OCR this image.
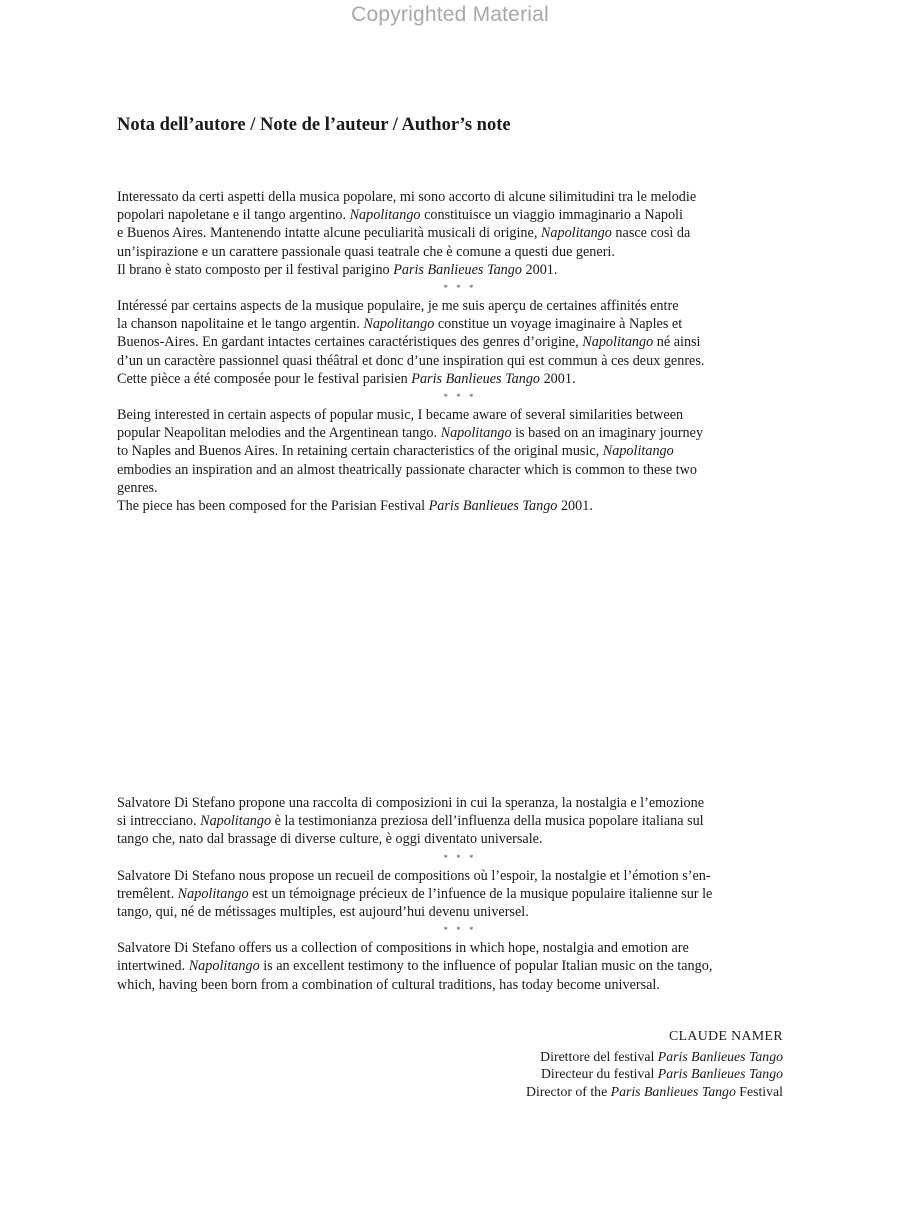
Copyrighted Material
Nota dell’autore / Note de l’auteur / Author’s note

Interessato da certi aspetti della musica popolare, mi sono accorto di alcune silimitudini tra le melodie
popolari napoletane e il tango argentino. Napolitango constituisce un viaggio immaginario a Napoli
e Buenos Aires. Mantenendo intatte alcune peculiarità musicali di origine, Napolitango nasce così da
un’ispirazione e un carattere passionale quasi teatrale che è comune a questi due generi.
Il brano è stato composto per il festival parigino Paris Banlieues Tango 2001.

* * *

Intéressé par certains aspects de la musique populaire, je me suis aperçu de certaines affinités entre
la chanson napolitaine et le tango argentin. Napolitango constitue un voyage imaginaire à Naples et
Buenos-Aires. En gardant intactes certaines caractéristiques des genres d’origine, Napolitango né ainsi
d’un un caractère passionnel quasi théâtral et donc d’une inspiration qui est commun à ces deux genres.
Cette pièce a été composée pour le festival parisien Paris Banlieues Tango 2001.

* * *

Being interested in certain aspects of popular music, I became aware of several similarities between
popular Neapolitan melodies and the Argentinean tango. Napolitango is based on an imaginary journey
to Naples and Buenos Aires. In retaining certain characteristics of the original music, Napolitango
embodies an inspiration and an almost theatrically passionate character which is common to these two
genres.
The piece has been composed for the Parisian Festival Paris Banlieues Tango 2001.

Salvatore Di Stefano propone una raccolta di composizioni in cui la speranza, la nostalgia e l’emozione
si intrecciano. Napolitango è la testimonianza preziosa dell’influenza della musica popolare italiana sul
tango che, nato dal brassage di diverse culture, è oggi diventato universale.

* * *

Salvatore Di Stefano nous propose un recueil de compositions où l’espoir, la nostalgie et l’émotion s’en-
tremêlent. Napolitango est un témoignage précieux de l’infuence de la musique populaire italienne sur le
tango, qui, né de métissages multiples, est aujourd’hui devenu universel.

* * *

Salvatore Di Stefano offers us a collection of compositions in which hope, nostalgia and emotion are
intertwined. Napolitango is an excellent testimony to the influence of popular Italian music on the tango,
which, having been born from a combination of cultural traditions, has today become universal.

CLAUDE NAMER
Direttore del festival Paris Banlieues Tango
Directeur du festival Paris Banlieues Tango
Director of the Paris Banlieues Tango Festival
